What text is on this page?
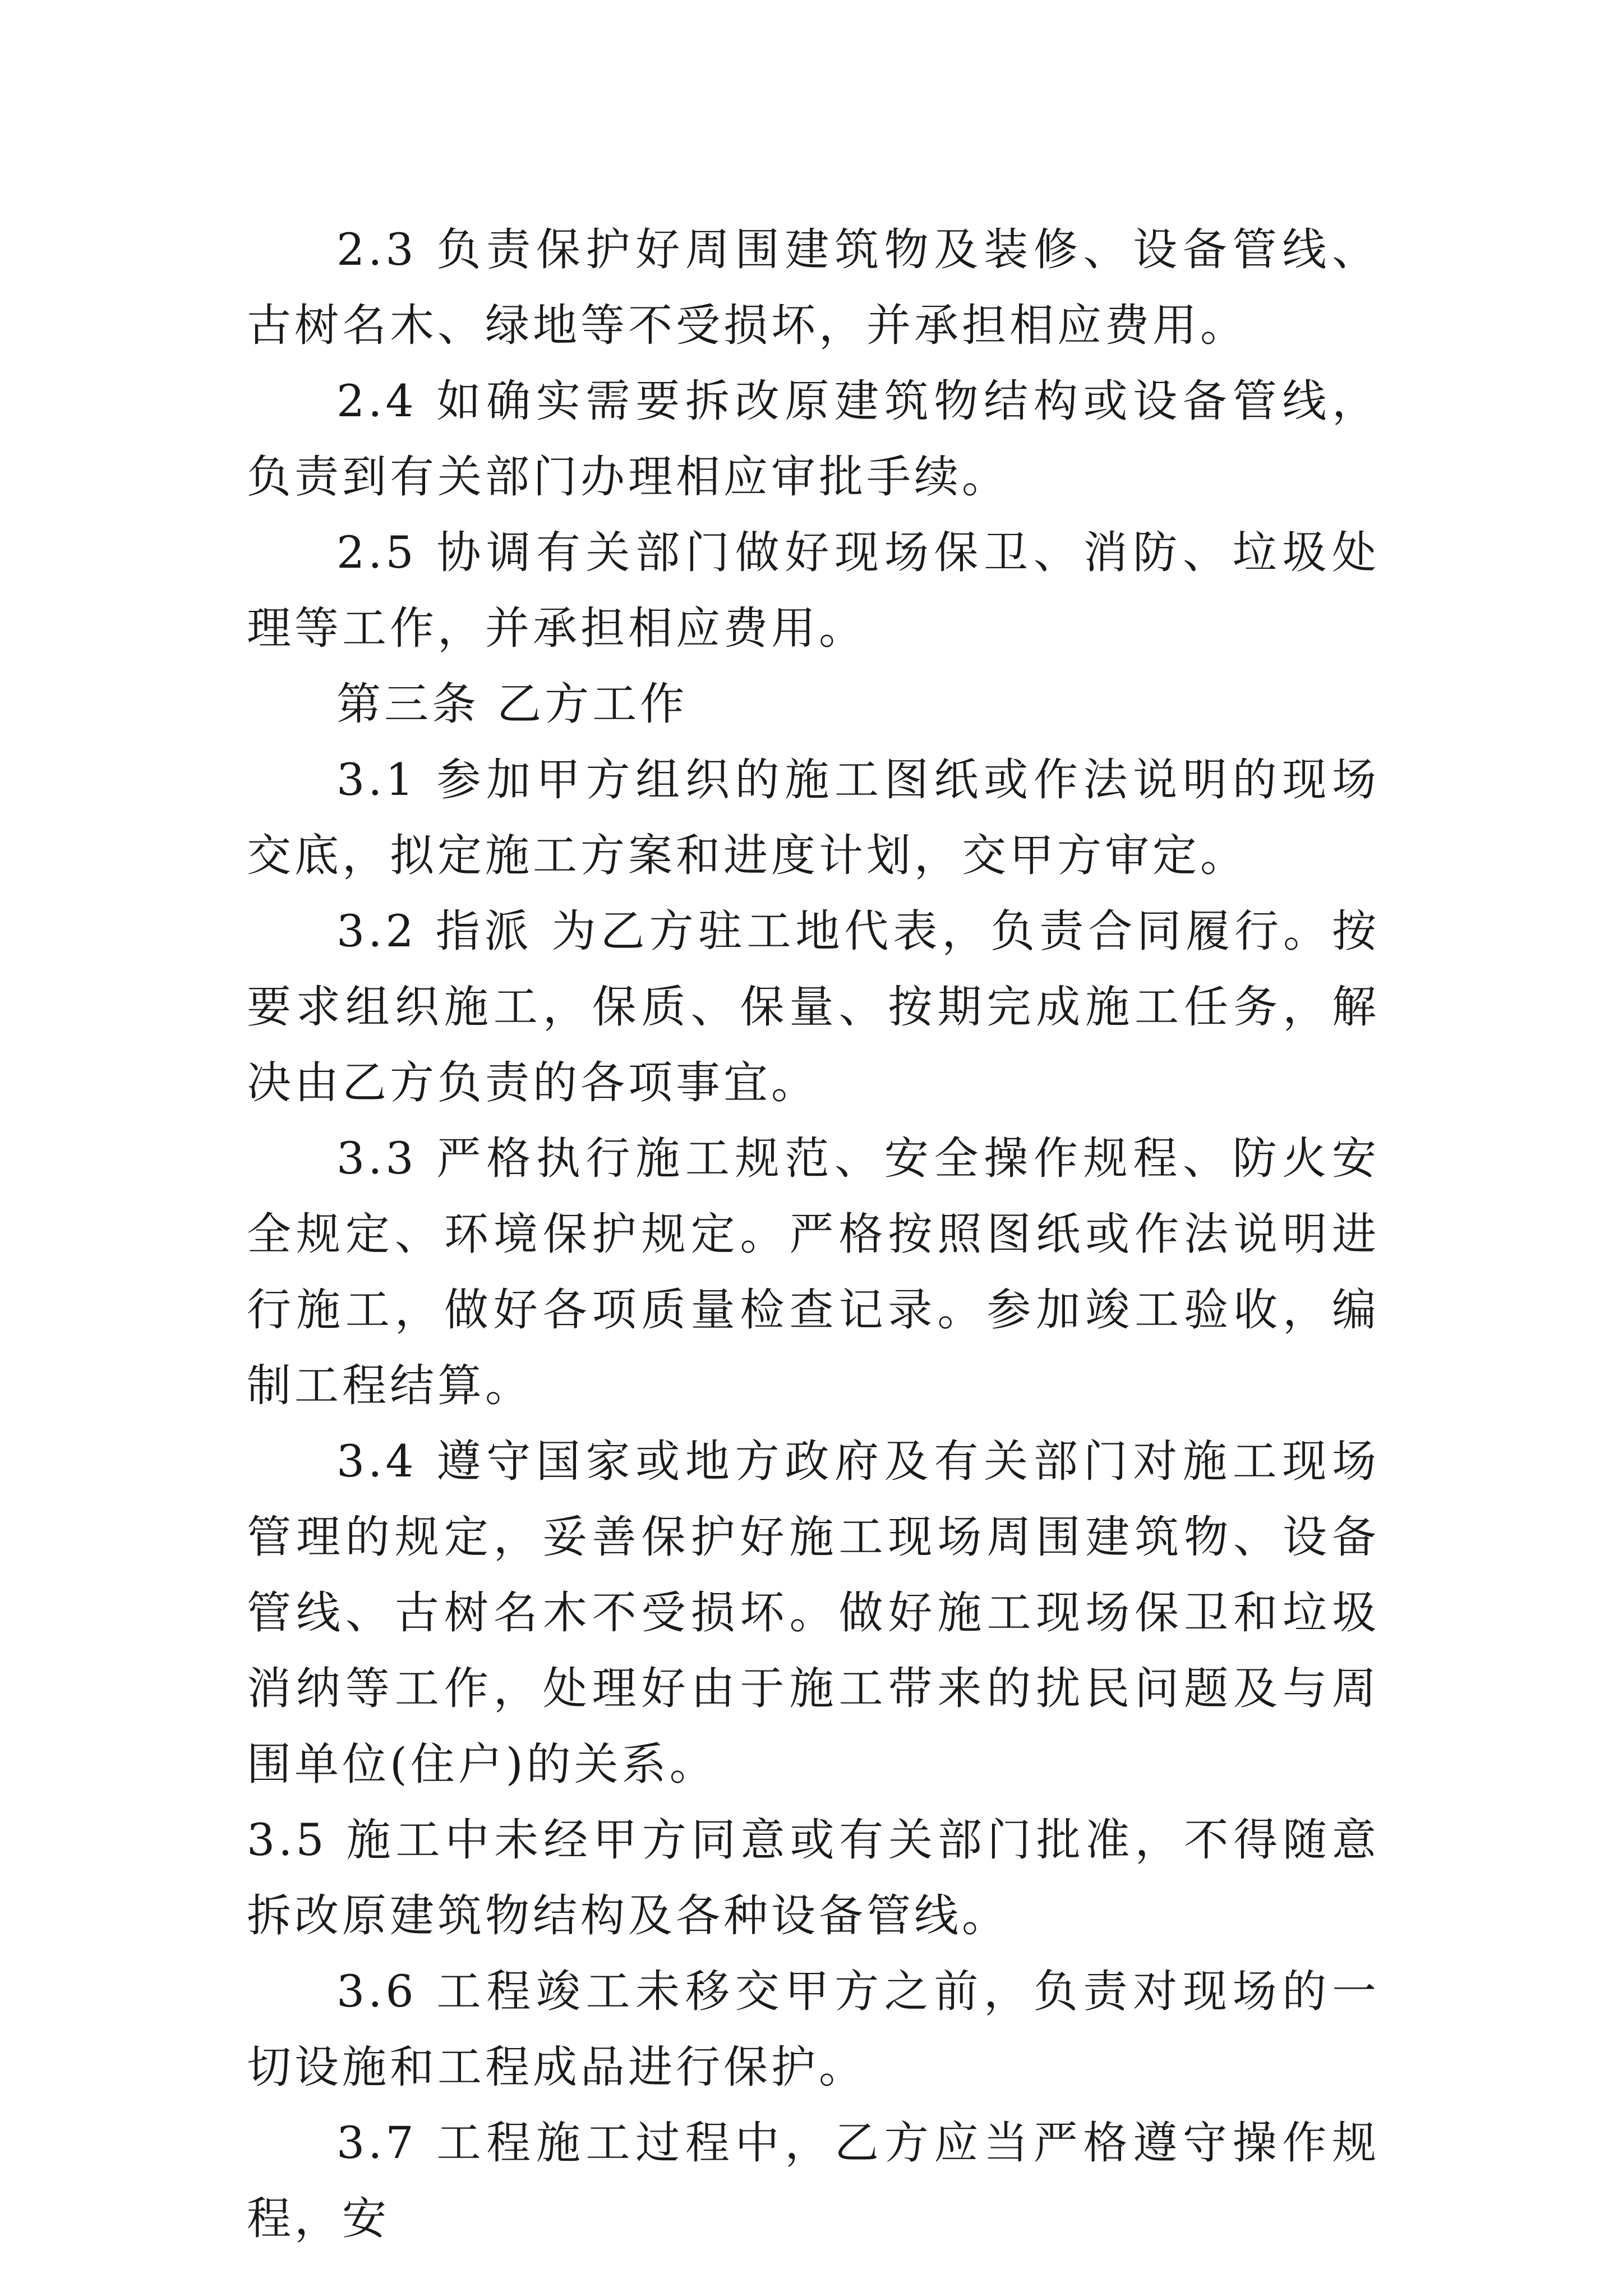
2.3 负责保护好周围建筑物及装修、设备管线、古树名木、绿地等不受损坏，并承担相应费用。

2.4 如确实需要拆改原建筑物结构或设备管线，负责到有关部门办理相应审批手续。

2.5 协调有关部门做好现场保卫、消防、垃圾处理等工作，并承担相应费用。

第三条 乙方工作

3.1 参加甲方组织的施工图纸或作法说明的现场交底，拟定施工方案和进度计划，交甲方审定。

3.2 指派 为乙方驻工地代表，负责合同履行。按要求组织施工，保质、保量、按期完成施工任务，解决由乙方负责的各项事宜。

3.3 严格执行施工规范、安全操作规程、防火安全规定、环境保护规定。严格按照图纸或作法说明进行施工，做好各项质量检查记录。参加竣工验收，编制工程结算。

3.4 遵守国家或地方政府及有关部门对施工现场管理的规定，妥善保护好施工现场周围建筑物、设备管线、古树名木不受损坏。做好施工现场保卫和垃圾消纳等工作，处理好由于施工带来的扰民问题及与周围单位(住户)的关系。

3.5 施工中未经甲方同意或有关部门批准，不得随意拆改原建筑物结构及各种设备管线。

3.6 工程竣工未移交甲方之前，负责对现场的一切设施和工程成品进行保护。

3.7 工程施工过程中，乙方应当严格遵守操作规程，安
